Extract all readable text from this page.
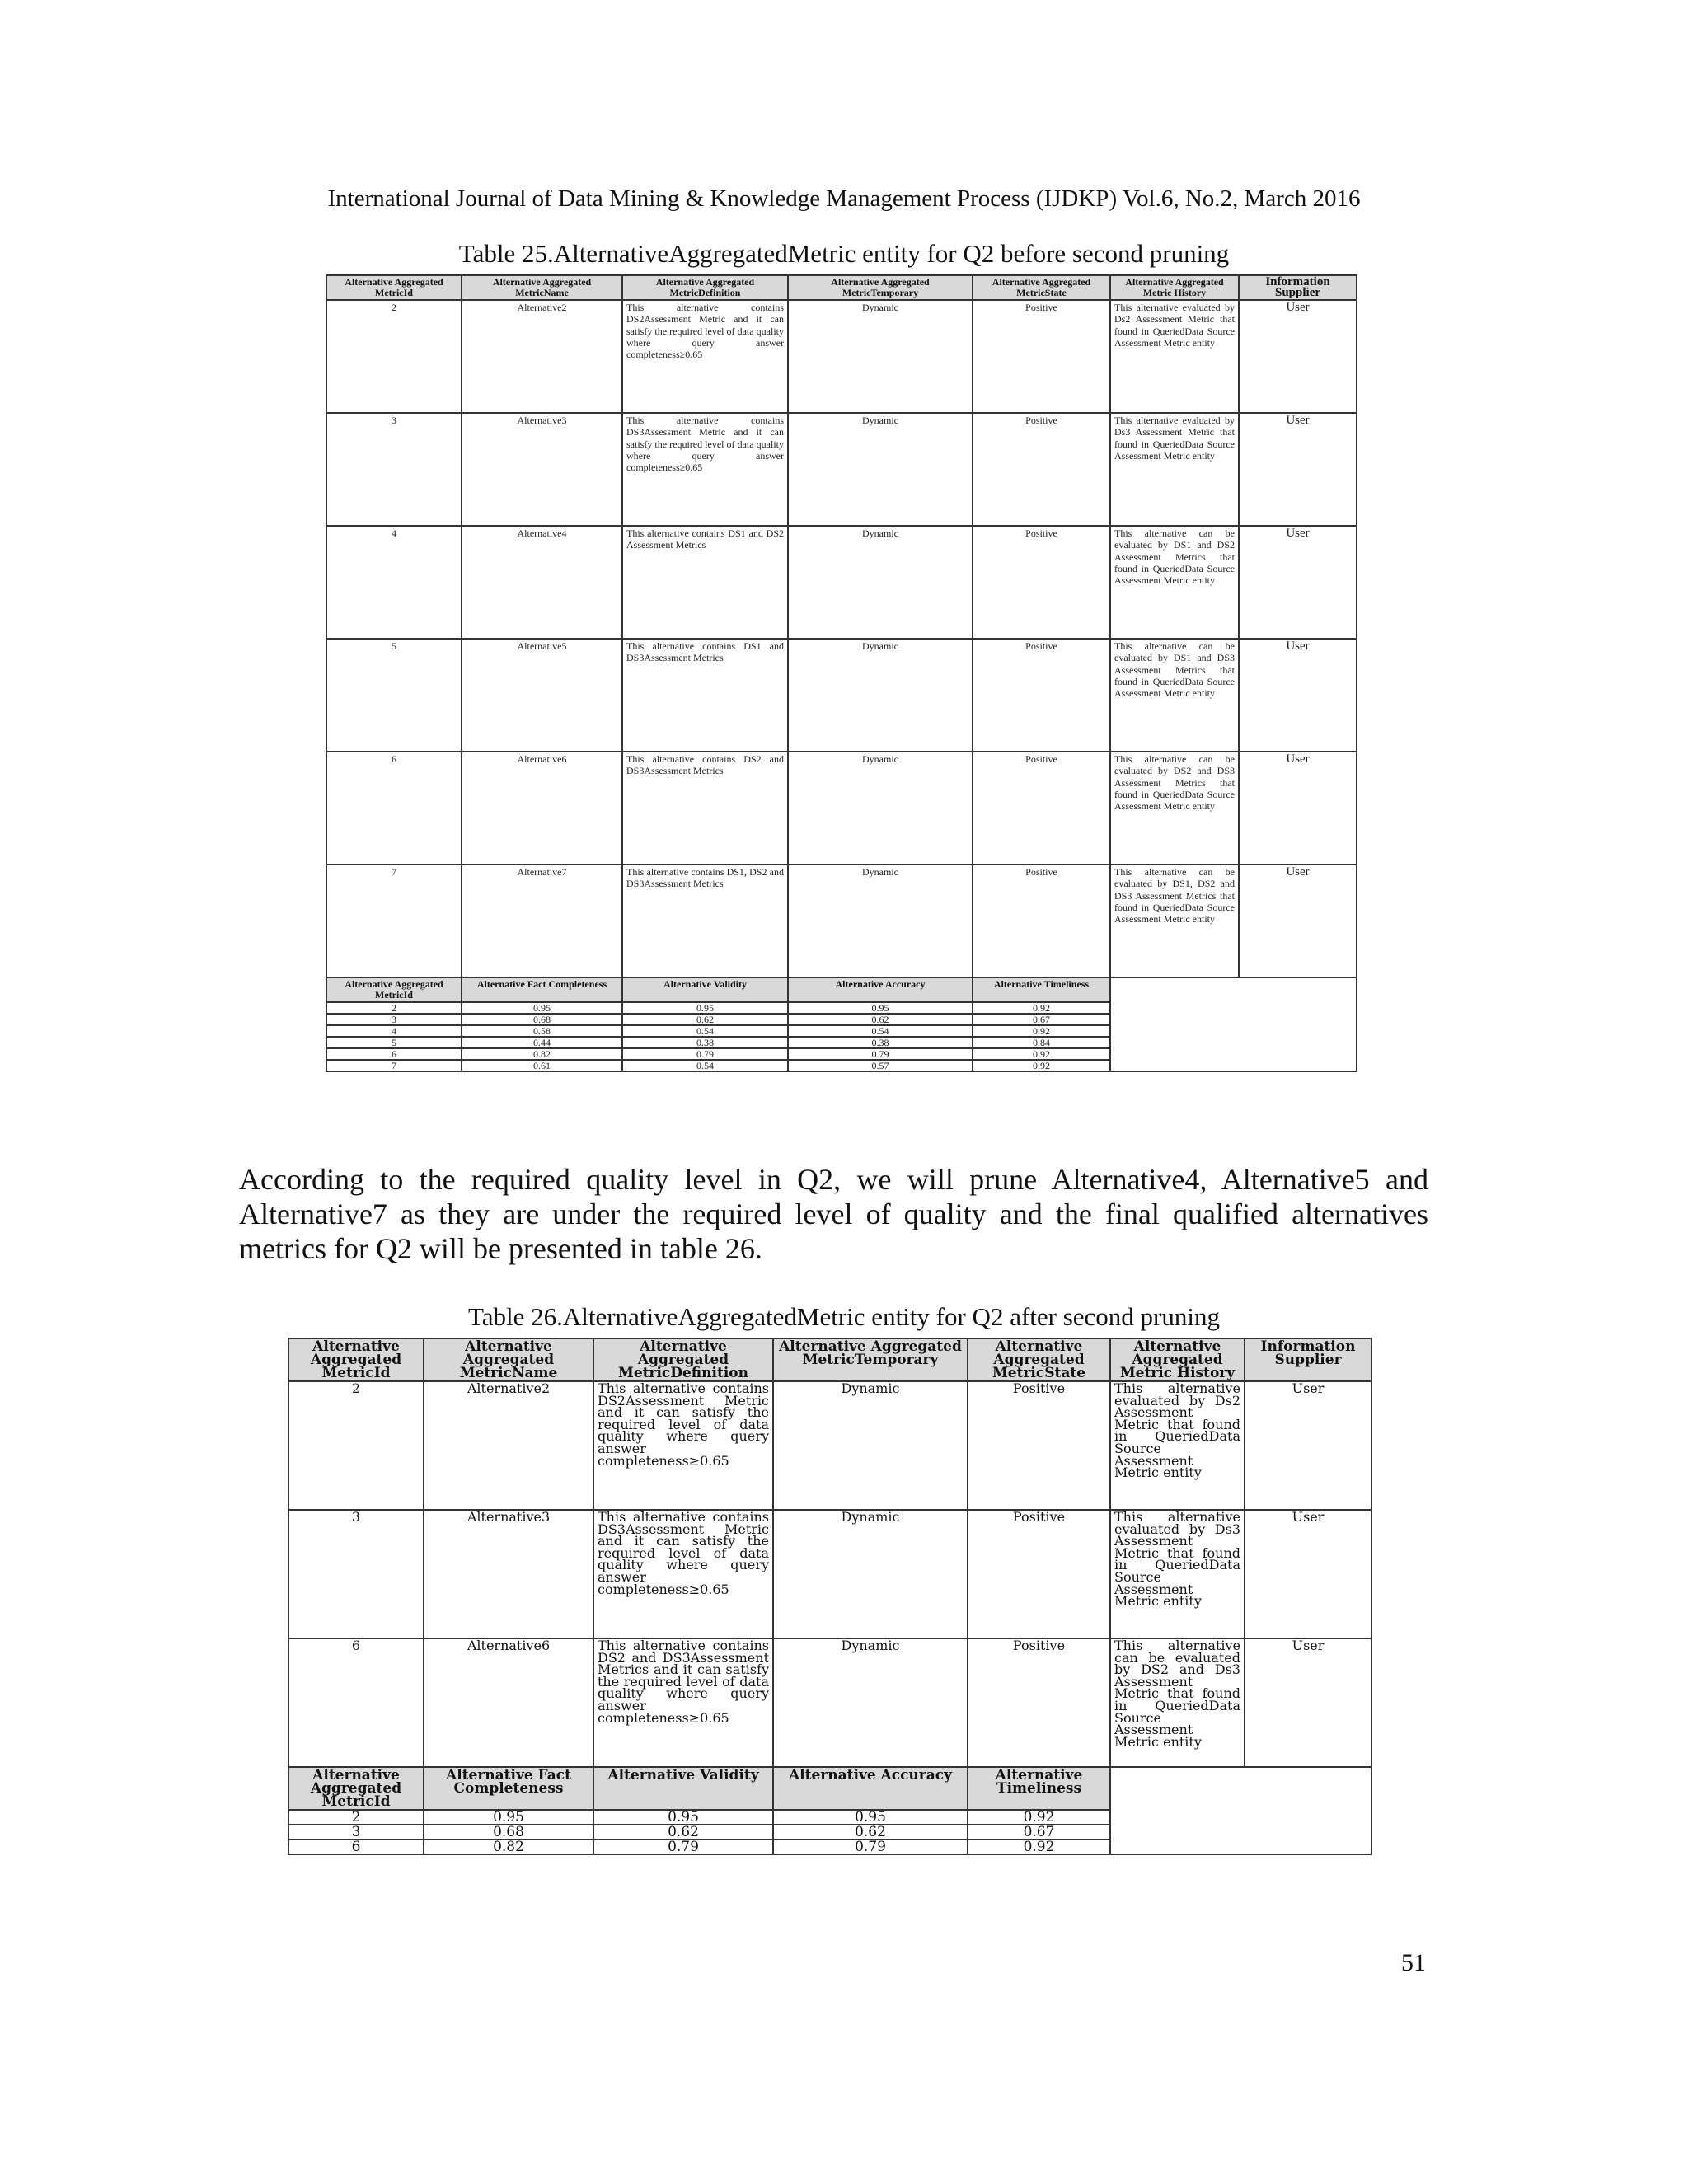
International Journal of Data Mining & Knowledge Management Process (IJDKP) Vol.6, No.2, March 2016
Table 25.AlternativeAggregatedMetric entity for Q2 before second pruning
Alternative Aggregated MetricId	Alternative Aggregated MetricName	Alternative Aggregated MetricDefinition	Alternative Aggregated MetricTemporary	Alternative Aggregated MetricState	Alternative Aggregated Metric History	Information Supplier
2	Alternative2	This alternative contains DS2Assessment Metric and it can satisfy the required level of data quality where query answer completeness≥0.65	Dynamic	Positive	This alternative evaluated by Ds2 Assessment Metric that found in QueriedData Source Assessment Metric entity	User
3	Alternative3	This alternative contains DS3Assessment Metric and it can satisfy the required level of data quality where query answer completeness≥0.65	Dynamic	Positive	This alternative evaluated by Ds3 Assessment Metric that found in QueriedData Source Assessment Metric entity	User
4	Alternative4	This alternative contains DS1 and DS2 Assessment Metrics	Dynamic	Positive	This alternative can be evaluated by DS1 and DS2 Assessment Metrics that found in QueriedData Source Assessment Metric entity	User
5	Alternative5	This alternative contains DS1 and DS3Assessment Metrics	Dynamic	Positive	This alternative can be evaluated by DS1 and DS3 Assessment Metrics that found in QueriedData Source Assessment Metric entity	User
6	Alternative6	This alternative contains DS2 and DS3Assessment Metrics	Dynamic	Positive	This alternative can be evaluated by DS2 and DS3 Assessment Metrics that found in QueriedData Source Assessment Metric entity	User
7	Alternative7	This alternative contains DS1, DS2 and DS3Assessment Metrics	Dynamic	Positive	This alternative can be evaluated by DS1, DS2 and DS3 Assessment Metrics that found in QueriedData Source Assessment Metric entity	User
Alternative Aggregated MetricId	Alternative Fact Completeness	Alternative Validity	Alternative Accuracy	Alternative Timeliness		
2	0.95	0.95	0.95	0.92		
3	0.68	0.62	0.62	0.67		
4	0.58	0.54	0.54	0.92		
5	0.44	0.38	0.38	0.84		
6	0.82	0.79	0.79	0.92		
7	0.61	0.54	0.57	0.92		
According to the required quality level in Q2, we will prune Alternative4, Alternative5 and Alternative7 as they are under the required level of quality and the final qualified alternatives metrics for Q2 will be presented in table 26.
Table 26.AlternativeAggregatedMetric entity for Q2 after second pruning
Alternative Aggregated MetricId	Alternative Aggregated MetricName	Alternative Aggregated MetricDefinition	Alternative Aggregated MetricTemporary	Alternative Aggregated MetricState	Alternative Aggregated Metric History	Information Supplier
2	Alternative2	This alternative contains DS2Assessment Metric and it can satisfy the required level of data quality where query answer completeness≥0.65	Dynamic	Positive	This alternative evaluated by Ds2 Assessment Metric that found in QueriedData Source Assessment Metric entity	User
3	Alternative3	This alternative contains DS3Assessment Metric and it can satisfy the required level of data quality where query answer completeness≥0.65	Dynamic	Positive	This alternative evaluated by Ds3 Assessment Metric that found in QueriedData Source Assessment Metric entity	User
6	Alternative6	This alternative contains DS2 and DS3Assessment Metrics and it can satisfy the required level of data quality where query answer completeness≥0.65	Dynamic	Positive	This alternative can be evaluated by DS2 and Ds3 Assessment Metric that found in QueriedData Source Assessment Metric entity	User
Alternative Aggregated MetricId	Alternative Fact Completeness	Alternative Validity	Alternative Accuracy	Alternative Timeliness		
2	0.95	0.95	0.95	0.92		
3	0.68	0.62	0.62	0.67		
6	0.82	0.79	0.79	0.92		
51
